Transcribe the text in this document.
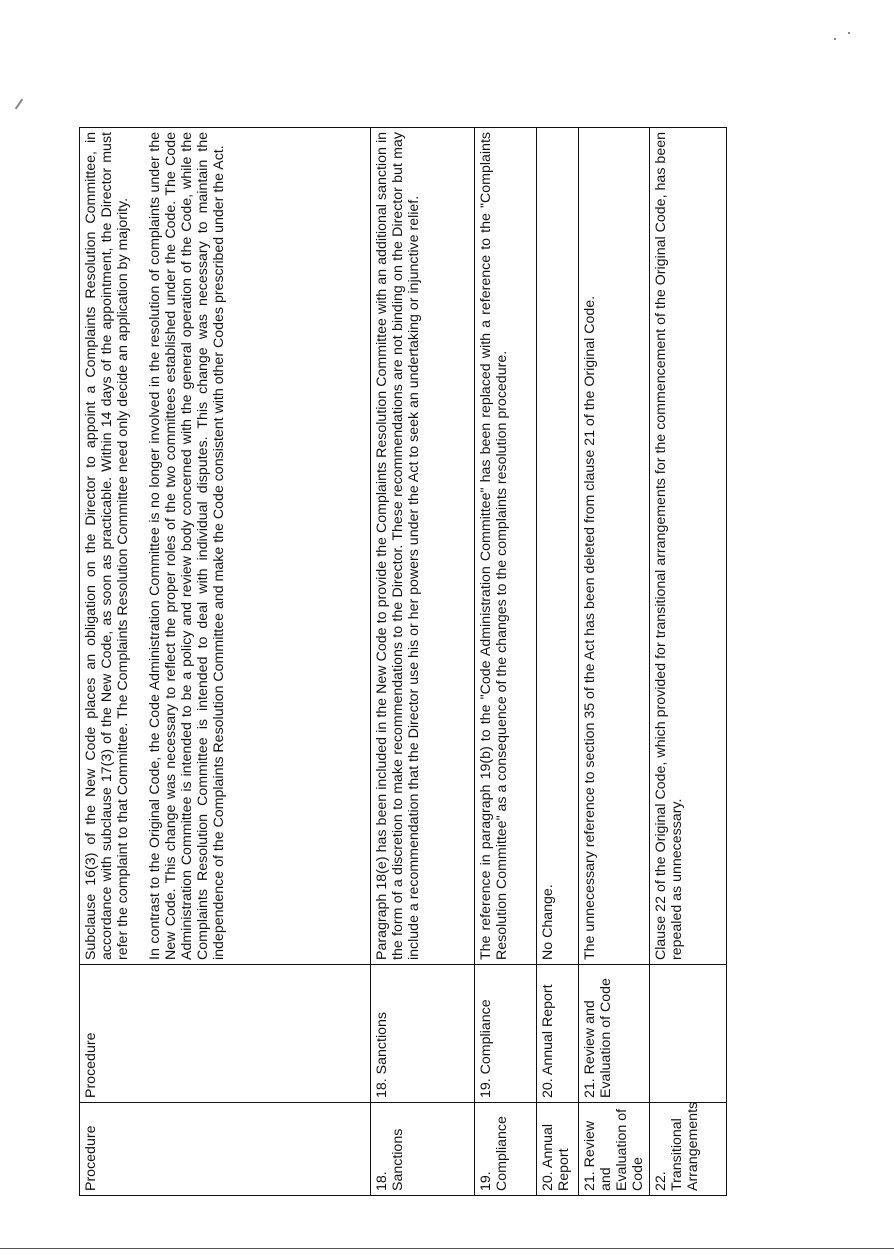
Procedure	Procedure	Subclause 16(3) of the New Code places an obligation on the Director to appoint a Complaints Resolution Committee, in accordance with subclause 17(3) of the New Code, as soon as practicable. Within 14 days of the appointment, the Director must refer the complaint to that Committee. The Complaints Resolution Committee need only decide an application by majority. In contrast to the Original Code, the Code Administration Committee is no longer involved in the resolution of complaints under the New Code. This change was necessary to reflect the proper roles of the two committees established under the Code. The Code Administration Committee is intended to be a policy and review body concerned with the general operation of the Code, while the Complaints Resolution Committee is intended to deal with individual disputes. This change was necessary to maintain the independence of the Complaints Resolution Committee and make the Code consistent with other Codes prescribed under the Act.

18. Sanctions	18. Sanctions	Paragraph 18(e) has been included in the New Code to provide the Complaints Resolution Committee with an additional sanction in the form of a discretion to make recommendations to the Director. These recommendations are not binding on the Director but may include a recommendation that the Director use his or her powers under the Act to seek an undertaking or injunctive relief.

19. Compliance	19. Compliance	The reference in paragraph 19(b) to the "Code Administration Committee" has been replaced with a reference to the "Complaints Resolution Committee" as a consequence of the changes to the complaints resolution procedure.

20. Annual Report	20. Annual Report	No Change.

21. Review and Evaluation of Code	21. Review and Evaluation of Code	The unnecessary reference to section 35 of the Act has been deleted from clause 21 of the Original Code.

22. Transitional Arrangements		Clause 22 of the Original Code, which provided for transitional arrangements for the commencement of the Original Code, has been repealed as unnecessary.
